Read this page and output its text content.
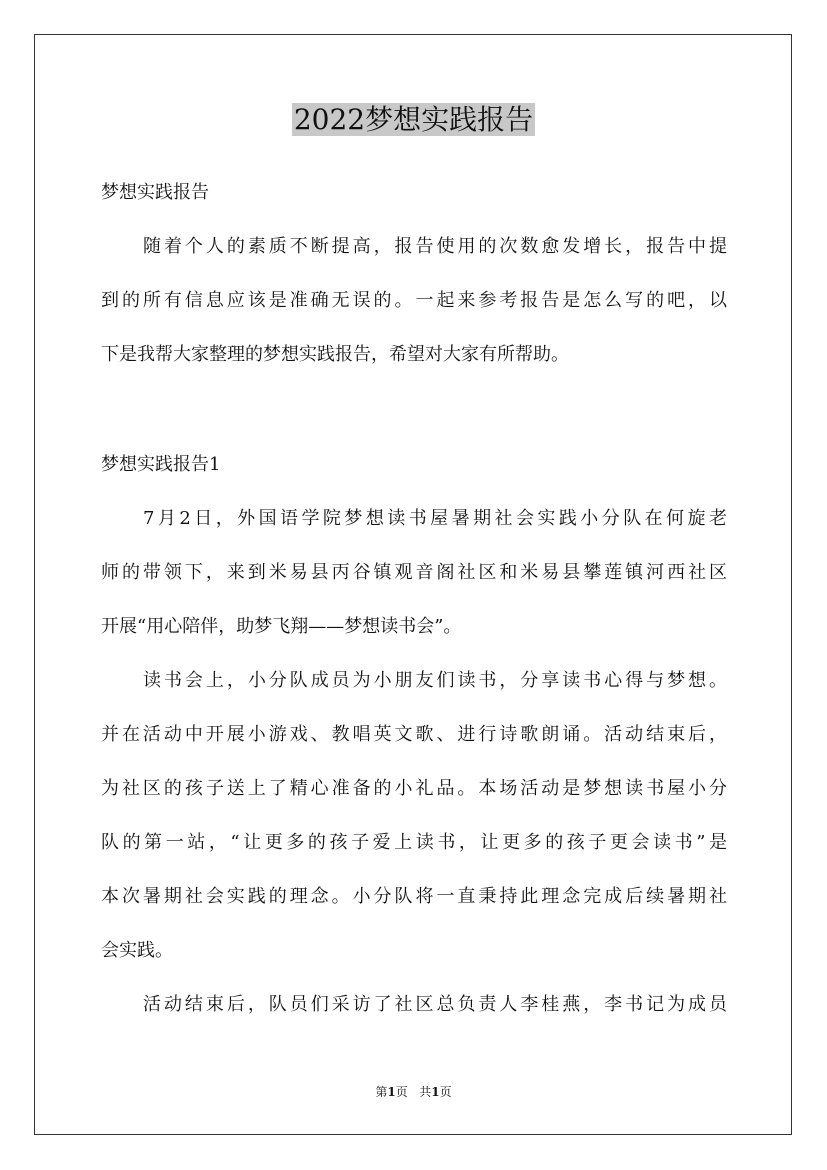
2022梦想实践报告
梦想实践报告
随着个人的素质不断提高，报告使用的次数愈发增长，报告中提
到的所有信息应该是准确无误的。一起来参考报告是怎么写的吧，以
下是我帮大家整理的梦想实践报告，希望对大家有所帮助。
梦想实践报告1
7月2日，外国语学院梦想读书屋暑期社会实践小分队在何旋老
师的带领下，来到米易县丙谷镇观音阁社区和米易县攀莲镇河西社区
开展“用心陪伴，助梦飞翔——梦想读书会”。
读书会上，小分队成员为小朋友们读书，分享读书心得与梦想。
并在活动中开展小游戏、教唱英文歌、进行诗歌朗诵。活动结束后，
为社区的孩子送上了精心准备的小礼品。本场活动是梦想读书屋小分
队的第一站，“让更多的孩子爱上读书，让更多的孩子更会读书”是
本次暑期社会实践的理念。小分队将一直秉持此理念完成后续暑期社
会实践。
活动结束后，队员们采访了社区总负责人李桂燕，李书记为成员
第1页 共1页
